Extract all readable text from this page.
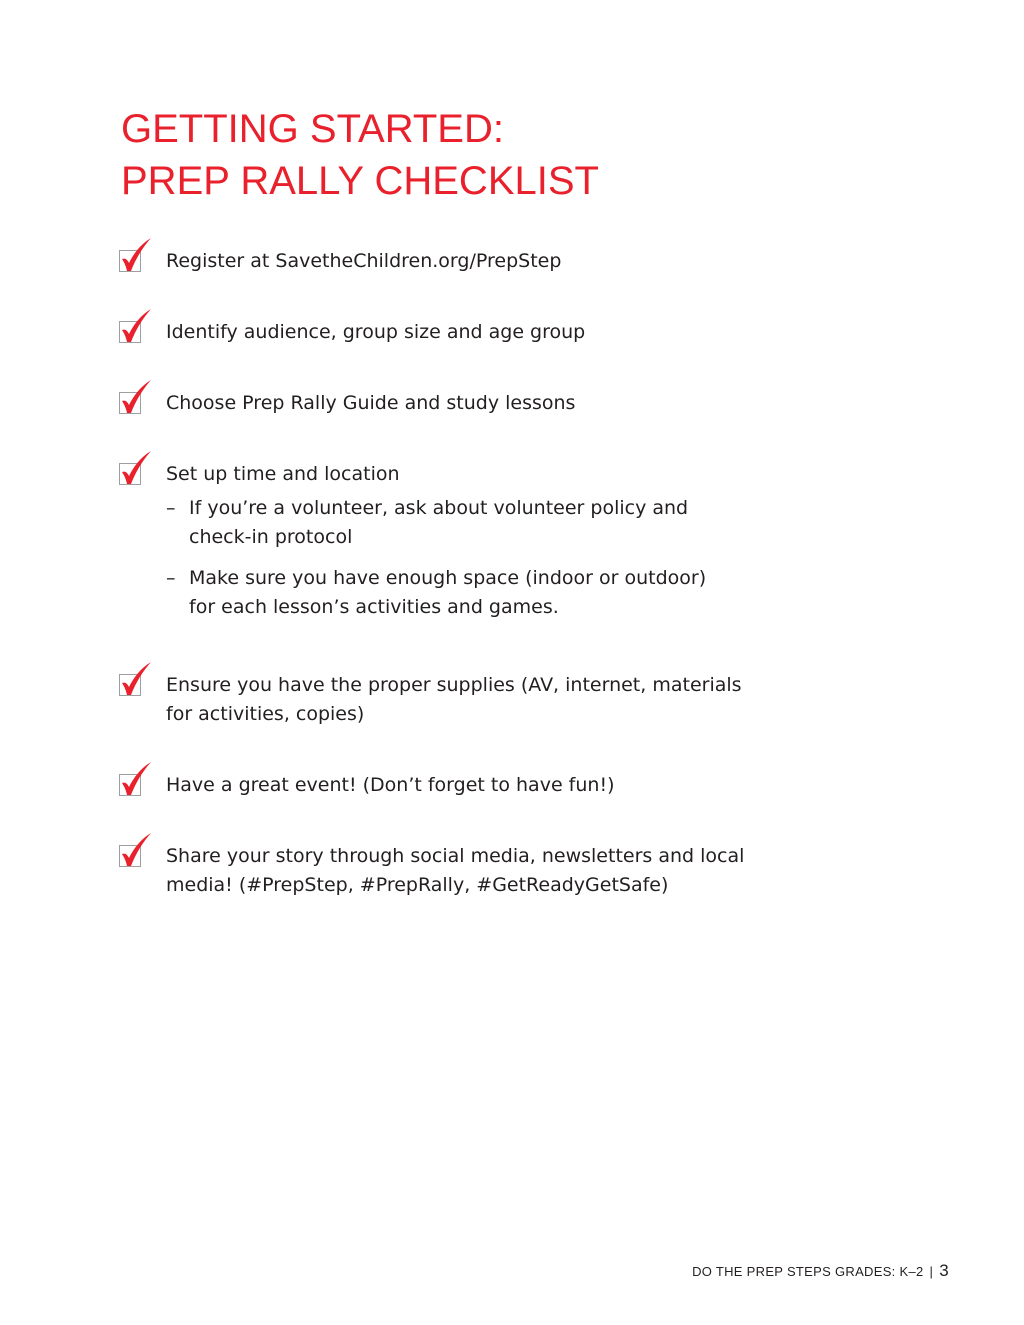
GETTING STARTED:
PREP RALLY CHECKLIST
Register at SavetheChildren.org/PrepStep
Identify audience, group size and age group
Choose Prep Rally Guide and study lessons
Set up time and location
– If you’re a volunteer, ask about volunteer policy and
check-in protocol
– Make sure you have enough space (indoor or outdoor)
for each lesson’s activities and games.
Ensure you have the proper supplies (AV, internet, materials
for activities, copies)
Have a great event! (Don’t forget to have fun!)
Share your story through social media, newsletters and local
media! (#PrepStep, #PrepRally, #GetReadyGetSafe)
DO THE PREP STEPS GRADES: K–2 | 3
